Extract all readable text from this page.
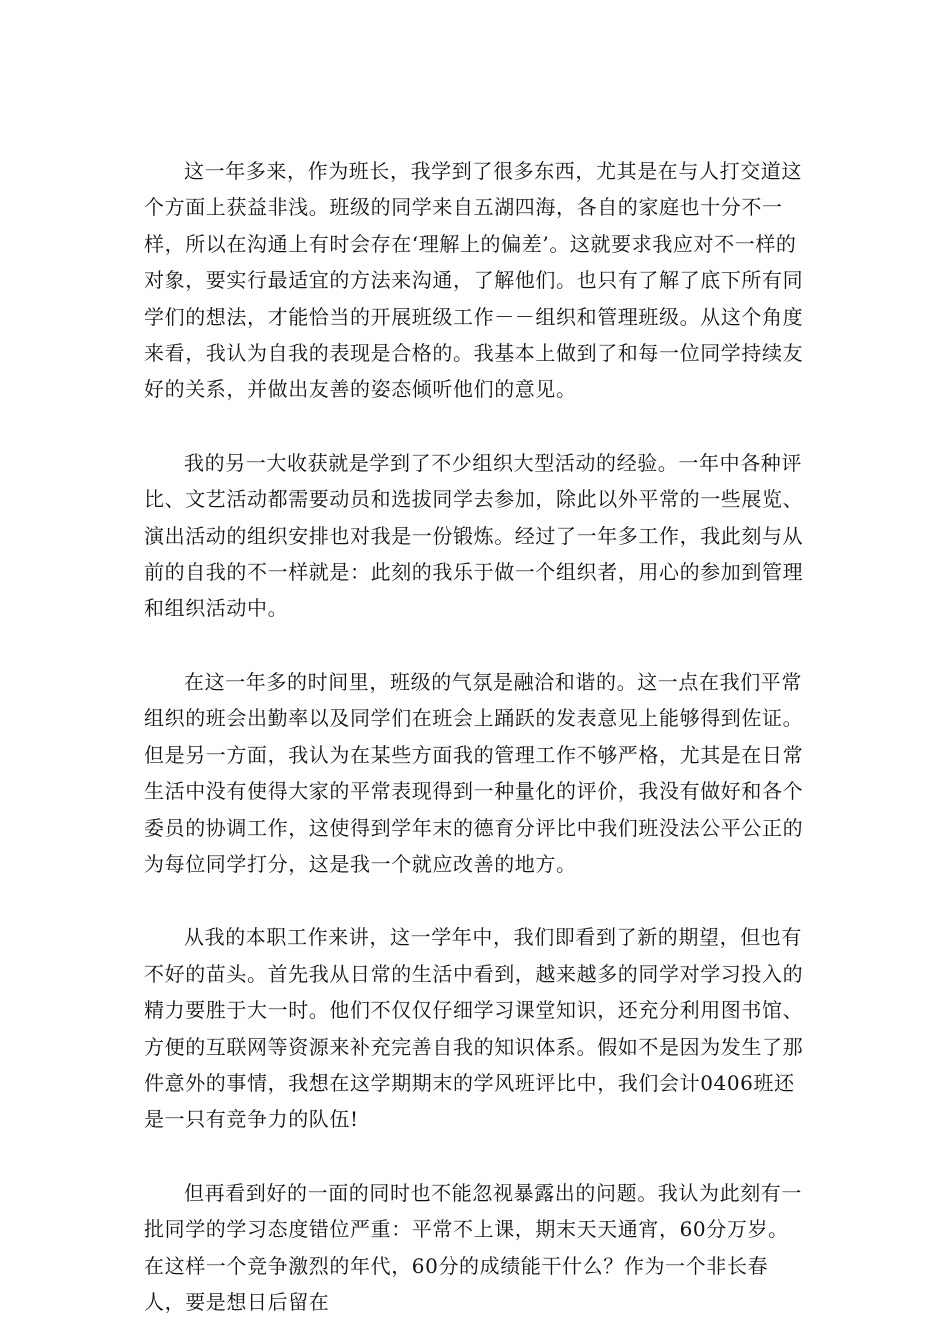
这一年多来，作为班长，我学到了很多东西，尤其是在与人打交道这个方面上获益非浅。班级的同学来自五湖四海，各自的家庭也十分不一样，所以在沟通上有时会存在‘理解上的偏差’。这就要求我应对不一样的对象，要实行最适宜的方法来沟通，了解他们。也只有了解了底下所有同学们的想法，才能恰当的开展班级工作－－组织和管理班级。从这个角度来看，我认为自我的表现是合格的。我基本上做到了和每一位同学持续友好的关系，并做出友善的姿态倾听他们的意见。

我的另一大收获就是学到了不少组织大型活动的经验。一年中各种评比、文艺活动都需要动员和选拔同学去参加，除此以外平常的一些展览、演出活动的组织安排也对我是一份锻炼。经过了一年多工作，我此刻与从前的自我的不一样就是：此刻的我乐于做一个组织者，用心的参加到管理和组织活动中。

在这一年多的时间里，班级的气氛是融洽和谐的。这一点在我们平常组织的班会出勤率以及同学们在班会上踊跃的发表意见上能够得到佐证。但是另一方面，我认为在某些方面我的管理工作不够严格，尤其是在日常生活中没有使得大家的平常表现得到一种量化的评价，我没有做好和各个委员的协调工作，这使得到学年末的德育分评比中我们班没法公平公正的为每位同学打分，这是我一个就应改善的地方。

从我的本职工作来讲，这一学年中，我们即看到了新的期望，但也有不好的苗头。首先我从日常的生活中看到，越来越多的同学对学习投入的精力要胜于大一时。他们不仅仅仔细学习课堂知识，还充分利用图书馆、方便的互联网等资源来补充完善自我的知识体系。假如不是因为发生了那件意外的事情，我想在这学期期末的学风班评比中，我们会计0406班还是一只有竞争力的队伍!

但再看到好的一面的同时也不能忽视暴露出的问题。我认为此刻有一批同学的学习态度错位严重：平常不上课，期末天天通宵，60分万岁。在这样一个竞争激烈的年代，60分的成绩能干什么？作为一个非长春人，要是想日后留在
